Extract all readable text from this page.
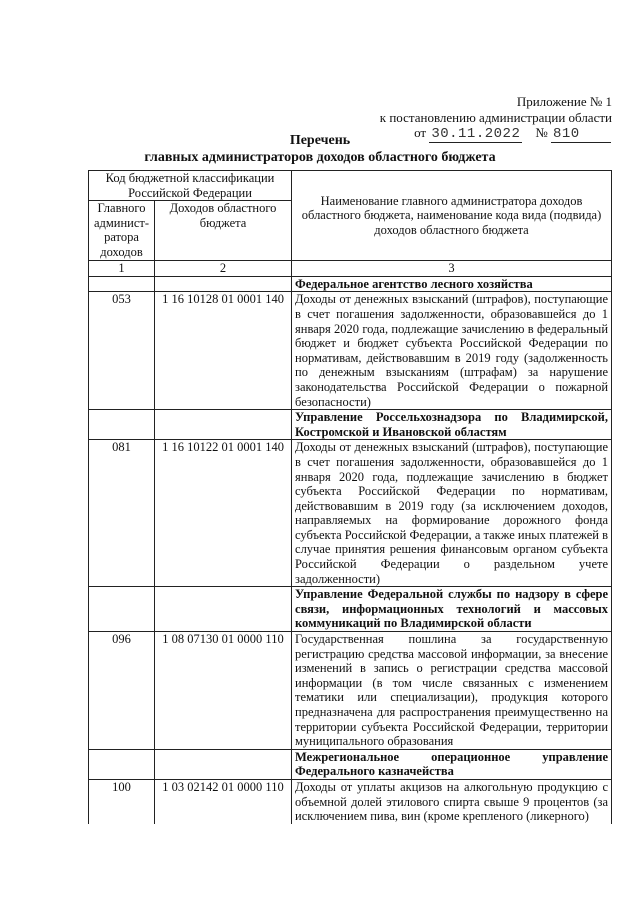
Приложение № 1
к постановлению администрации области
от 30.11.2022 № 810
Перечень
главных администраторов доходов областного бюджета
Код бюджетной классификации Российской Федерации		Наименование главного администратора доходов областного бюджета, наименование кода вида (подвида) доходов областного бюджета
Главного админист-ратора доходов	Доходов областного бюджета	
1	2	3
		Федеральное агентство лесного хозяйства
053	1 16 10128 01 0001 140	Доходы от денежных взысканий (штрафов), поступающие в счет погашения задолженности, образовавшейся до 1 января 2020 года, подлежащие зачислению в федеральный бюджет и бюджет субъекта Российской Федерации по нормативам, действовавшим в 2019 году (задолженность по денежным взысканиям (штрафам) за нарушение законодательства Российской Федерации о пожарной безопасности)
		Управление Россельхознадзора по Владимирской, Костромской и Ивановской областям
081	1 16 10122 01 0001 140	Доходы от денежных взысканий (штрафов), поступающие в счет погашения задолженности, образовавшейся до 1 января 2020 года, подлежащие зачислению в бюджет субъекта Российской Федерации по нормативам, действовавшим в 2019 году (за исключением доходов, направляемых на формирование дорожного фонда субъекта Российской Федерации, а также иных платежей в случае принятия решения финансовым органом субъекта Российской Федерации о раздельном учете задолженности)
		Управление Федеральной службы по надзору в сфере связи, информационных технологий и массовых коммуникаций по Владимирской области
096	1 08 07130 01 0000 110	Государственная пошлина за государственную регистрацию средства массовой информации, за внесение изменений в запись о регистрации средства массовой информации (в том числе связанных с изменением тематики или специализации), продукция которого предназначена для распространения преимущественно на территории субъекта Российской Федерации, территории муниципального образования
		Межрегиональное операционное управление Федерального казначейства
100	1 03 02142 01 0000 110	Доходы от уплаты акцизов на алкогольную продукцию с объемной долей этилового спирта свыше 9 процентов (за исключением пива, вин (кроме крепленого (ликерного)
